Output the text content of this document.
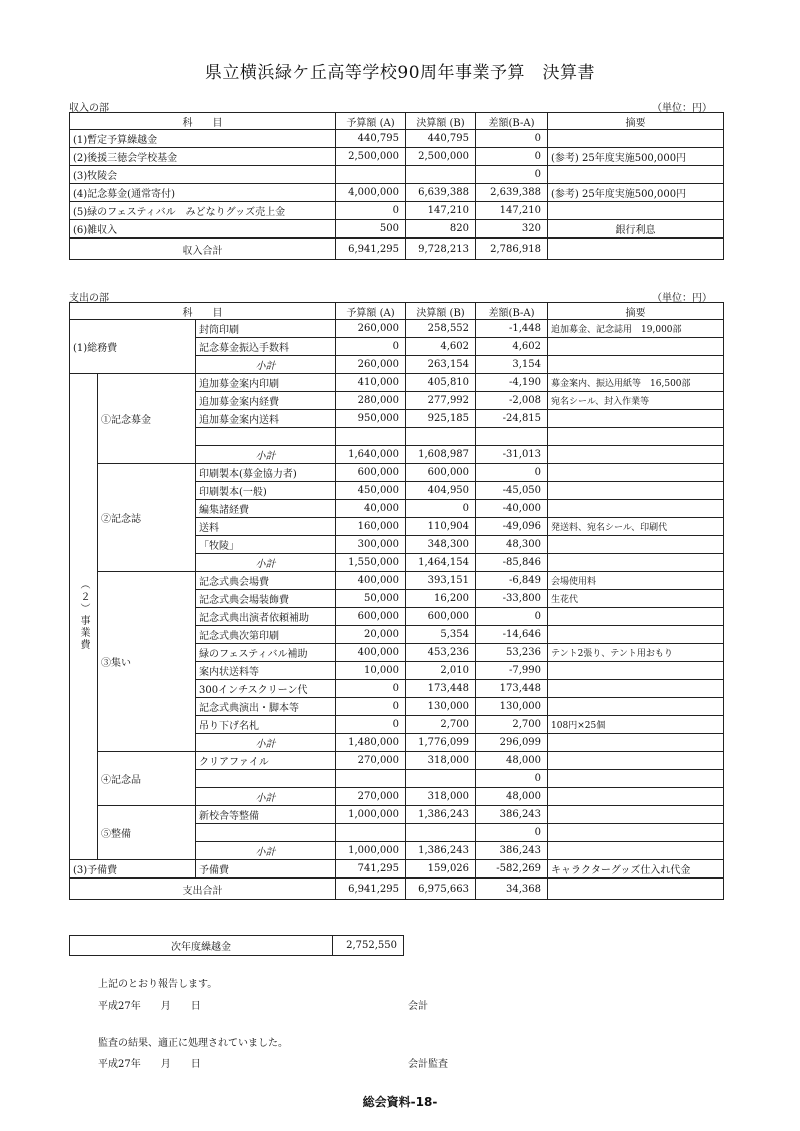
県立横浜緑ケ丘高等学校90周年事業予算　決算書
収入の部	（単位：円）
科　　目	予算額 (A)	決算額 (B)	差額(B-A)	摘要
(1)暫定予算繰越金	440,795	440,795	0	
(2)後援三徳会学校基金	2,500,000	2,500,000	0	(参考) 25年度実施500,000円
(3)牧陵会			0	
(4)記念募金(通常寄付)	4,000,000	6,639,388	2,639,388	(参考) 25年度実施500,000円
(5)緑のフェスティバル　みどなりグッズ売上金	0	147,210	147,210	
(6)雑収入	500	820	320	銀行利息
収入合計	6,941,295	9,728,213	2,786,918	
支出の部	（単位：円）
科　　目			予算額 (A)	決算額 (B)	差額(B-A)	摘要
(1)総務費		封筒印刷	260,000	258,552	-1,448	追加募金、記念誌用　19,000部
		記念募金振込手数料	0	4,602	4,602	
		小計	260,000	263,154	3,154	
（２）事業費	①記念募金	追加募金案内印刷	410,000	405,810	-4,190	募金案内、振込用紙等　16,500部
		追加募金案内経費	280,000	277,992	-2,008	宛名シール、封入作業等
		追加募金案内送料	950,000	925,185	-24,815	

		小計	1,640,000	1,608,987	-31,013	
	②記念誌	印刷製本(募金協力者)	600,000	600,000	0	
		印刷製本(一般)	450,000	404,950	-45,050	
		編集諸経費	40,000	0	-40,000	
		送料	160,000	110,904	-49,096	発送料、宛名シール、印刷代
		「牧陵」	300,000	348,300	48,300	
		小計	1,550,000	1,464,154	-85,846	
	③集い	記念式典会場費	400,000	393,151	-6,849	会場使用料
		記念式典会場装飾費	50,000	16,200	-33,800	生花代
		記念式典出演者依頼補助	600,000	600,000	0	
		記念式典次第印刷	20,000	5,354	-14,646	
		緑のフェスティバル補助	400,000	453,236	53,236	テント2張り、テント用おもり
		案内状送料等	10,000	2,010	-7,990	
		300インチスクリーン代	0	173,448	173,448	
		記念式典演出・脚本等	0	130,000	130,000	
		吊り下げ名札	0	2,700	2,700	108円×25個
		小計	1,480,000	1,776,099	296,099	
	④記念品	クリアファイル	270,000	318,000	48,000	
					0	
		小計	270,000	318,000	48,000	
	⑤整備	新校舎等整備	1,000,000	1,386,243	386,243	
					0	
		小計	1,000,000	1,386,243	386,243	
(3)予備費		予備費	741,295	159,026	-582,269	キャラクターグッズ仕入れ代金
支出合計			6,941,295	6,975,663	34,368	
次年度繰越金	2,752,550
上記のとおり報告します。
平成27年　　月　　日	会計
監査の結果、適正に処理されていました。
平成27年　　月　　日	会計監査
総会資料-18-
